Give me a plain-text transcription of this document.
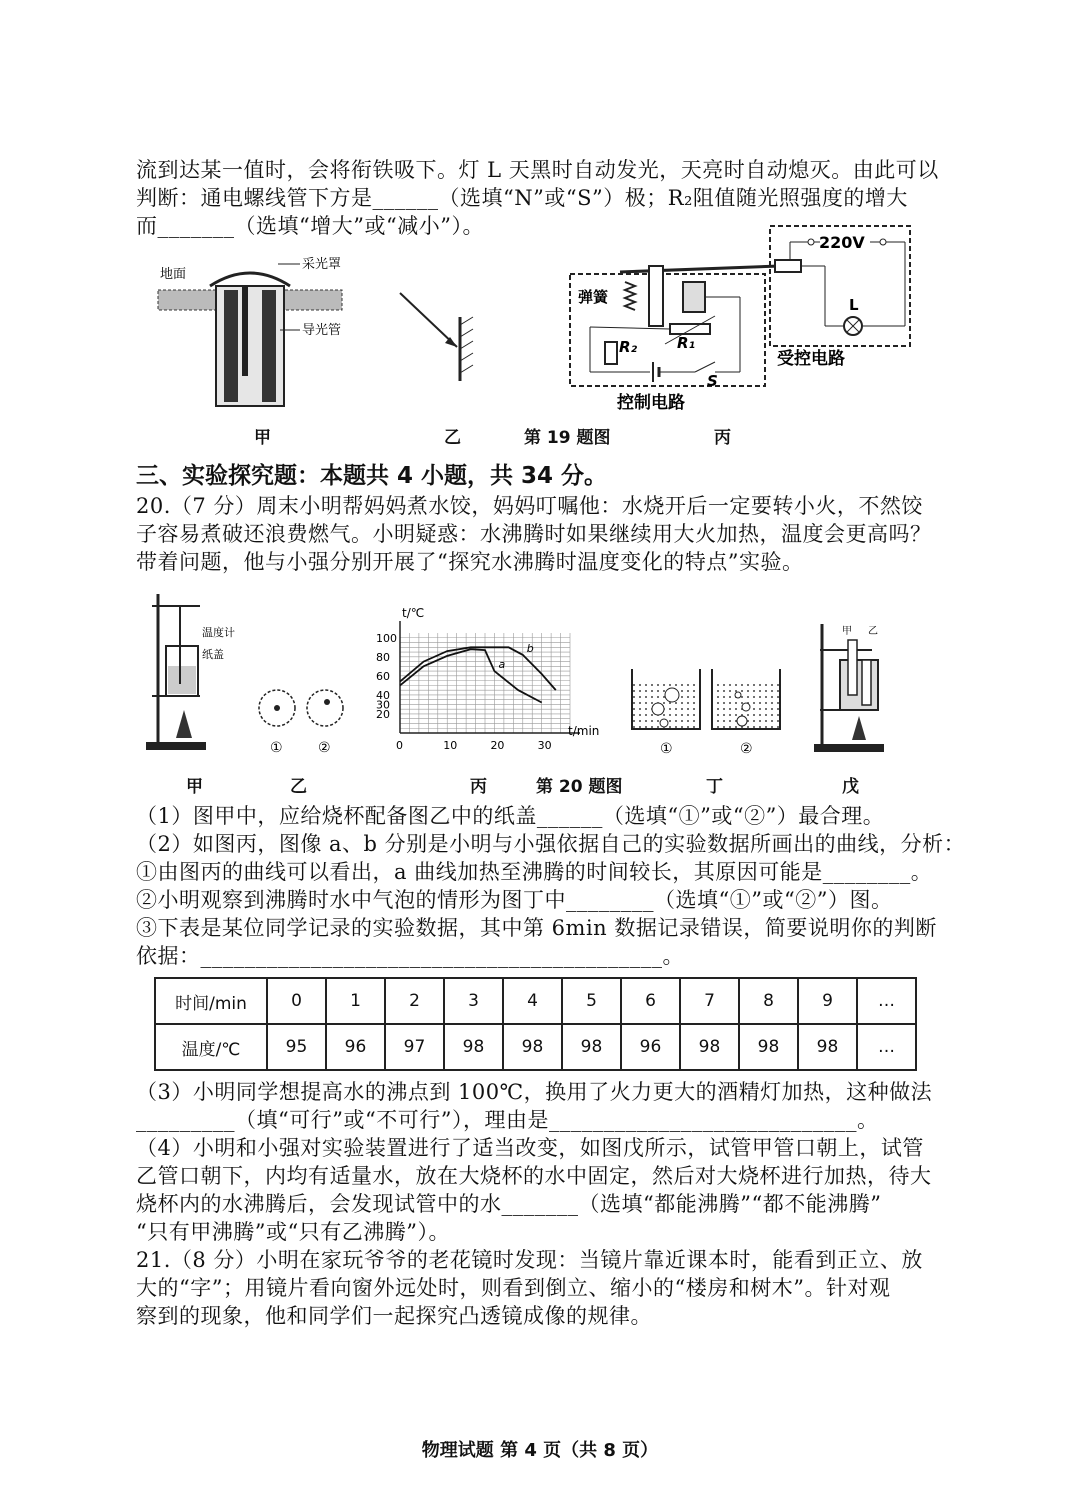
流到达某一值时，会将衔铁吸下。灯 L 天黑时自动发光，天亮时自动熄灭。由此可以
判断：通电螺线管下方是______（选填“N”或“S”）极；R₂阻值随光照强度的增大
而_______（选填“增大”或“减小”）。
地面
采光罩
导光管
弹簧
220V
L
R₂	R₁
S
受控电路
控制电路
甲	乙	第 19 题图	丙
三、实验探究题：本题共 4 小题，共 34 分。
20.（7 分）周末小明帮妈妈煮水饺，妈妈叮嘱他：水烧开后一定要转小火，不然饺
子容易煮破还浪费燃气。小明疑惑：水沸腾时如果继续用大火加热，温度会更高吗？
带着问题，他与小强分别开展了“探究水沸腾时温度变化的特点”实验。
温度计
纸盖
①	②	0	10	20	30
20
30
40
60
80
100
a
b
t/℃
t/min
①	②
甲 乙
甲	乙	丙	第 20 题图	丁	戊
（1）图甲中，应给烧杯配备图乙中的纸盖______（选填“①”或“②”）最合理。
（2）如图丙，图像 a、b 分别是小明与小强依据自己的实验数据所画出的曲线，分析：
①由图丙的曲线可以看出，a 曲线加热至沸腾的时间较长，其原因可能是________。
②小明观察到沸腾时水中气泡的情形为图丁中________（选填“①”或“②”）图。
③下表是某位同学记录的实验数据，其中第 6min 数据记录错误，简要说明你的判断
依据：__________________________________________。
时间/min	0	1	2	3	4	5	6	7	8	9	…
温度/℃	95	96	97	98	98	98	96	98	98	98	…
（3）小明同学想提高水的沸点到 100℃，换用了火力更大的酒精灯加热，这种做法
_________（填“可行”或“不可行”），理由是____________________________。
（4）小明和小强对实验装置进行了适当改变，如图戊所示，试管甲管口朝上，试管
乙管口朝下，内均有适量水，放在大烧杯的水中固定，然后对大烧杯进行加热，待大
烧杯内的水沸腾后，会发现试管中的水_______（选填“都能沸腾”“都不能沸腾”
“只有甲沸腾”或“只有乙沸腾”）。
21.（8 分）小明在家玩爷爷的老花镜时发现：当镜片靠近课本时，能看到正立、放
大的“字”；用镜片看向窗外远处时，则看到倒立、缩小的“楼房和树木”。针对观
察到的现象，他和同学们一起探究凸透镜成像的规律。
物理试题 第 4 页（共 8 页）
